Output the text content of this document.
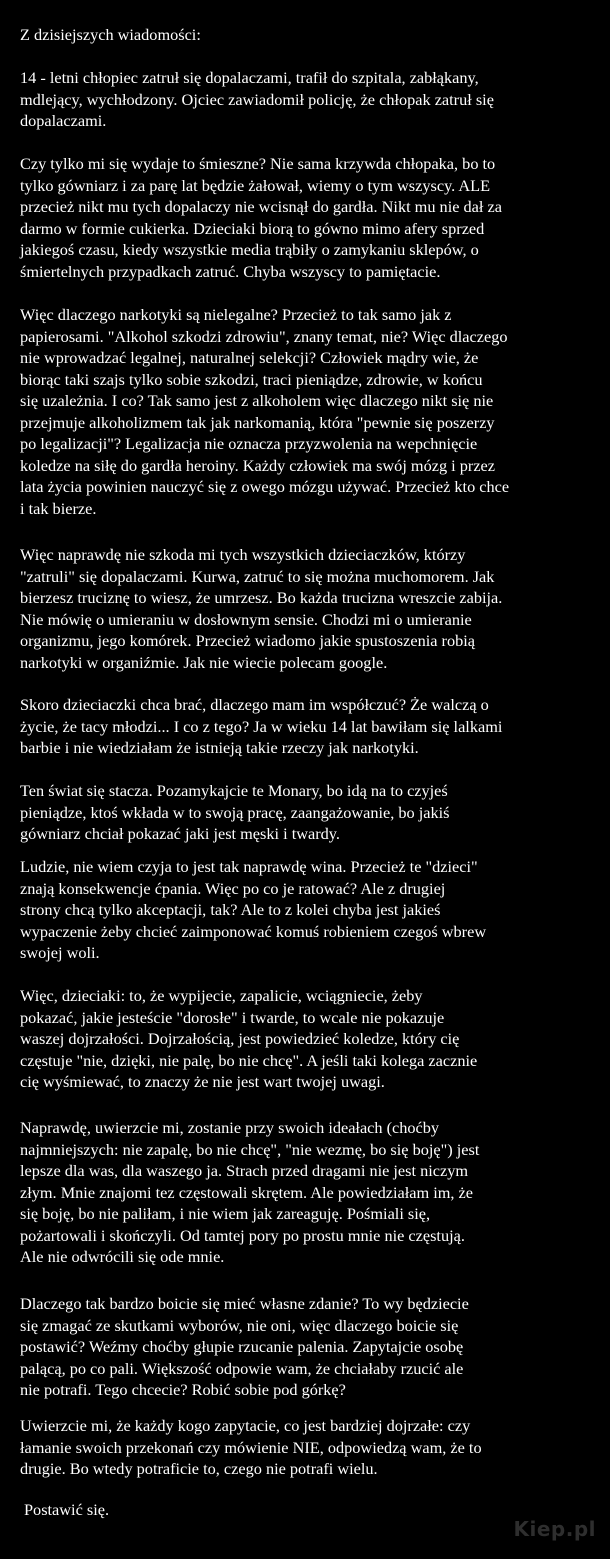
Z dzisiejszych wiadomości:

14 - letni chłopiec zatruł się dopalaczami, trafił do szpitala, zabłąkany,
mdlejący, wychłodzony. Ojciec zawiadomił policję, że chłopak zatruł się
dopalaczami.

Czy tylko mi się wydaje to śmieszne? Nie sama krzywda chłopaka, bo to
tylko gówniarz i za parę lat będzie żałował, wiemy o tym wszyscy. ALE
przecież nikt mu tych dopalaczy nie wcisnął do gardła. Nikt mu nie dał za
darmo w formie cukierka. Dzieciaki biorą to gówno mimo afery sprzed
jakiegoś czasu, kiedy wszystkie media trąbiły o zamykaniu sklepów, o
śmiertelnych przypadkach zatruć. Chyba wszyscy to pamiętacie.

Więc dlaczego narkotyki są nielegalne? Przecież to tak samo jak z
papierosami. "Alkohol szkodzi zdrowiu", znany temat, nie? Więc dlaczego
nie wprowadzać legalnej, naturalnej selekcji? Człowiek mądry wie, że
biorąc taki szajs tylko sobie szkodzi, traci pieniądze, zdrowie, w końcu
się uzależnia. I co? Tak samo jest z alkoholem więc dlaczego nikt się nie
przejmuje alkoholizmem tak jak narkomanią, która "pewnie się poszerzy
po legalizacji"? Legalizacja nie oznacza przyzwolenia na wepchnięcie
koledze na siłę do gardła heroiny. Każdy człowiek ma swój mózg i przez
lata życia powinien nauczyć się z owego mózgu używać. Przecież kto chce
i tak bierze.

Więc naprawdę nie szkoda mi tych wszystkich dzieciaczków, którzy
"zatruli" się dopalaczami. Kurwa, zatruć to się można muchomorem. Jak
bierzesz truciznę to wiesz, że umrzesz. Bo każda trucizna wreszcie zabija.
Nie mówię o umieraniu w dosłownym sensie. Chodzi mi o umieranie
organizmu, jego komórek. Przecież wiadomo jakie spustoszenia robią
narkotyki w organiźmie. Jak nie wiecie polecam google.

Skoro dzieciaczki chca brać, dlaczego mam im współczuć? Że walczą o
życie, że tacy młodzi... I co z tego? Ja w wieku 14 lat bawiłam się lalkami
barbie i nie wiedziałam że istnieją takie rzeczy jak narkotyki.

Ten świat się stacza. Pozamykajcie te Monary, bo idą na to czyjeś
pieniądze, ktoś wkłada w to swoją pracę, zaangażowanie, bo jakiś
gówniarz chciał pokazać jaki jest męski i twardy.

Ludzie, nie wiem czyja to jest tak naprawdę wina. Przecież te "dzieci"
znają konsekwencje ćpania. Więc po co je ratować? Ale z drugiej
strony chcą tylko akceptacji, tak? Ale to z kolei chyba jest jakieś
wypaczenie żeby chcieć zaimponować komuś robieniem czegoś wbrew
swojej woli.

Więc, dzieciaki: to, że wypijecie, zapalicie, wciągniecie, żeby
pokazać, jakie jesteście "dorosłe" i twarde, to wcale nie pokazuje
waszej dojrzałości. Dojrzałością, jest powiedzieć koledze, który cię
częstuje "nie, dzięki, nie palę, bo nie chcę". A jeśli taki kolega zacznie
cię wyśmiewać, to znaczy że nie jest wart twojej uwagi.

Naprawdę, uwierzcie mi, zostanie przy swoich ideałach (choćby
najmniejszych: nie zapalę, bo nie chcę", "nie wezmę, bo się boję") jest
lepsze dla was, dla waszego ja. Strach przed dragami nie jest niczym
złym. Mnie znajomi tez częstowali skrętem. Ale powiedziałam im, że
się boję, bo nie paliłam, i nie wiem jak zareaguję. Pośmiali się,
pożartowali i skończyli. Od tamtej pory po prostu mnie nie częstują.
Ale nie odwrócili się ode mnie.

Dlaczego tak bardzo boicie się mieć własne zdanie? To wy będziecie
się zmagać ze skutkami wyborów, nie oni, więc dlaczego boicie się
postawić? Weźmy choćby głupie rzucanie palenia. Zapytajcie osobę
palącą, po co pali. Większość odpowie wam, że chciałaby rzucić ale
nie potrafi. Tego chcecie? Robić sobie pod górkę?

Uwierzcie mi, że każdy kogo zapytacie, co jest bardziej dojrzałe: czy
łamanie swoich przekonań czy mówienie NIE, odpowiedzą wam, że to
drugie. Bo wtedy potraficie to, czego nie potrafi wielu.

Postawić się.

Kiep.pl
